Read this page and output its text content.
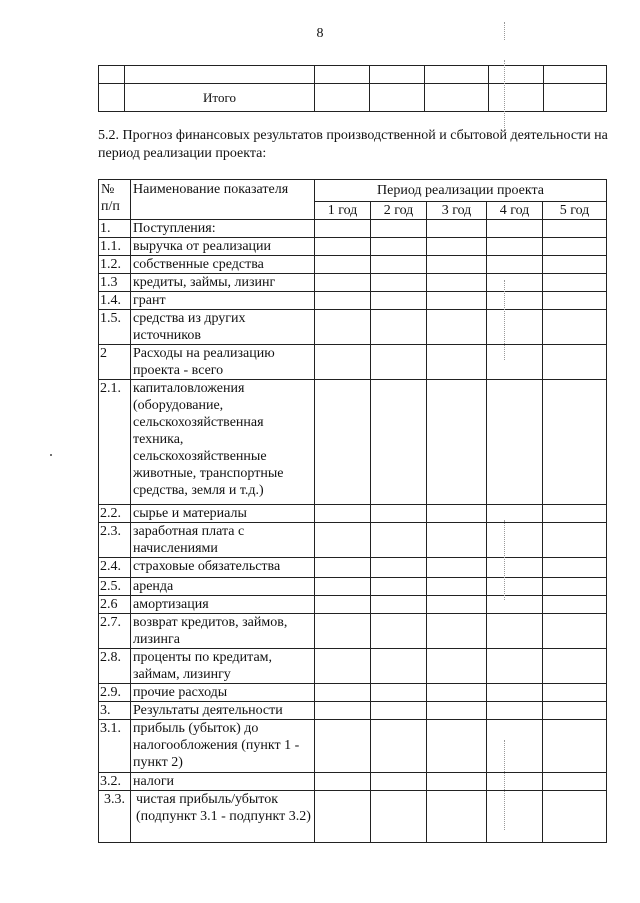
8

	Итого					
5.2. Прогноз финансовых результатов производственной и сбытовой деятельности на период реализации проекта:
№ п/п	Наименование показателя	Период реализации проекта				
		1 год	2 год	3 год	4 год	5 год
1.	Поступления:					
1.1.	выручка от реализации					
1.2.	собственные средства					
1.3	кредиты, займы, лизинг					
1.4.	грант					
1.5.	средства из других источников					
2	Расходы на реализацию проекта - всего					
2.1.	капиталовложения (оборудование, сельскохозяйственная техника, сельскохозяйственные животные, транспортные средства, земля и т.д.)					
2.2.	сырье и материалы					
2.3.	заработная плата с начислениями					
2.4.	страховые обязательства					
2.5.	аренда					
2.6	амортизация					
2.7.	возврат кредитов, займов, лизинга					
2.8.	проценты по кредитам, займам, лизингу					
2.9.	прочие расходы					
3.	Результаты деятельности					
3.1.	прибыль (убыток) до налогообложения (пункт 1 - пункт 2)					
3.2.	налоги					
3.3.	чистая прибыль/убыток (подпункт 3.1 - подпункт 3.2)					
